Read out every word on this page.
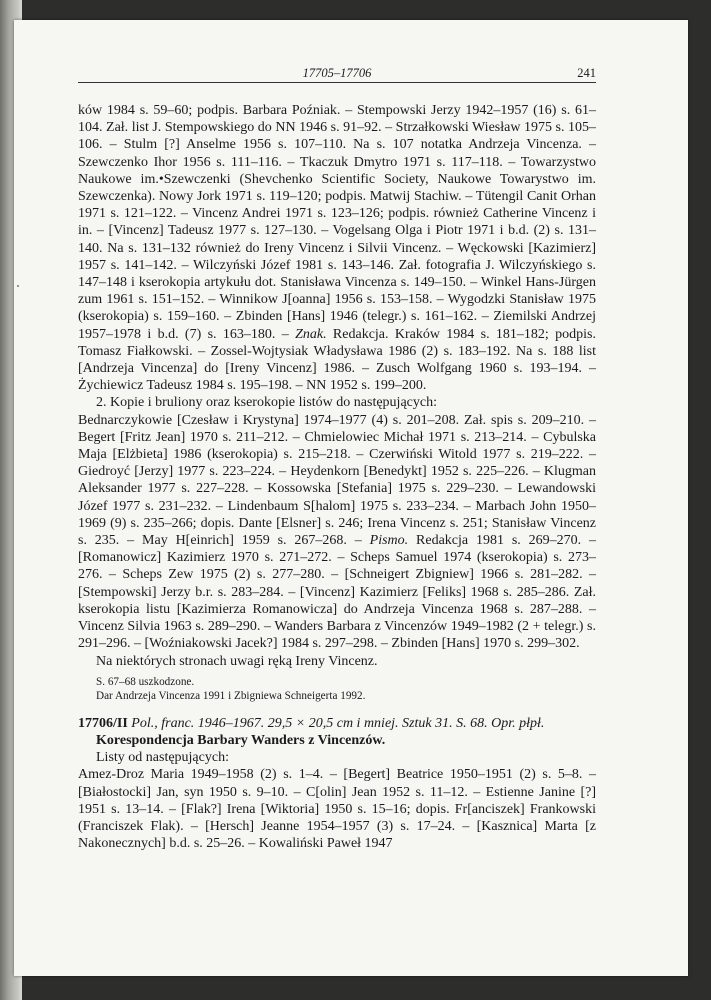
17705–17706	241

ków 1984 s. 59–60; podpis. Barbara Poźniak. – Stempowski Jerzy 1942–1957 (16) s. 61–104. Zał. list J. Stempowskiego do NN 1946 s. 91–92. – Strzałkowski Wiesław 1975 s. 105–106. – Stulm [?] Anselme 1956 s. 107–110. Na s. 107 notatka Andrzeja Vincenza. – Szewczenko Ihor 1956 s. 111–116. – Tkaczuk Dmytro 1971 s. 117–118. – Towarzystwo Naukowe im.•Szewczenki (Shevchenko Scientific Society, Naukowe Towarystwo im. Szewczenka). Nowy Jork 1971 s. 119–120; podpis. Matwij Stachiw. – Tütengil Canit Orhan 1971 s. 121–122. – Vincenz Andrei 1971 s. 123–126; podpis. również Catherine Vincenz i in. – [Vincenz] Tadeusz 1977 s. 127–130. – Vogelsang Olga i Piotr 1971 i b.d. (2) s. 131–140. Na s. 131–132 również do Ireny Vincenz i Silvii Vincenz. – Węckowski [Kazimierz] 1957 s. 141–142. – Wilczyński Józef 1981 s. 143–146. Zał. fotografia J. Wilczyńskiego s. 147–148 i kserokopia artykułu dot. Stanisława Vincenza s. 149–150. – Winkel Hans-Jürgen zum 1961 s. 151–152. – Winnikow J[oanna] 1956 s. 153–158. – Wygodzki Stanisław 1975 (kserokopia) s. 159–160. – Zbinden [Hans] 1946 (telegr.) s. 161–162. – Ziemilski Andrzej 1957–1978 i b.d. (7) s. 163–180. – Znak. Redakcja. Kraków 1984 s. 181–182; podpis. Tomasz Fiałkowski. – Zossel-Wojtysiak Władysława 1986 (2) s. 183–192. Na s. 188 list [Andrzeja Vincenza] do [Ireny Vincenz] 1986. – Zusch Wolfgang 1960 s. 193–194. – Żychiewicz Tadeusz 1984 s. 195–198. – NN 1952 s. 199–200.

2. Kopie i bruliony oraz kserokopie listów do następujących:

Bednarczykowie [Czesław i Krystyna] 1974–1977 (4) s. 201–208. Zał. spis s. 209–210. – Begert [Fritz Jean] 1970 s. 211–212. – Chmielowiec Michał 1971 s. 213–214. – Cybulska Maja [Elżbieta] 1986 (kserokopia) s. 215–218. – Czerwiński Witold 1977 s. 219–222. – Giedroyć [Jerzy] 1977 s. 223–224. – Heydenkorn [Benedykt] 1952 s. 225–226. – Klugman Aleksander 1977 s. 227–228. – Kossowska [Stefania] 1975 s. 229–230. – Lewandowski Józef 1977 s. 231–232. – Lindenbaum S[halom] 1975 s. 233–234. – Marbach John 1950–1969 (9) s. 235–266; dopis. Dante [Elsner] s. 246; Irena Vincenz s. 251; Stanisław Vincenz s. 235. – May H[einrich] 1959 s. 267–268. – Pismo. Redakcja 1981 s. 269–270. – [Romanowicz] Kazimierz 1970 s. 271–272. – Scheps Samuel 1974 (kserokopia) s. 273–276. – Scheps Zew 1975 (2) s. 277–280. – [Schneigert Zbigniew] 1966 s. 281–282. – [Stempowski] Jerzy b.r. s. 283–284. – [Vincenz] Kazimierz [Feliks] 1968 s. 285–286. Zał. kserokopia listu [Kazimierza Romanowicza] do Andrzeja Vincenza 1968 s. 287–288. – Vincenz Silvia 1963 s. 289–290. – Wanders Barbara z Vincenzów 1949–1982 (2 + telegr.) s. 291–296. – [Woźniakowski Jacek?] 1984 s. 297–298. – Zbinden [Hans] 1970 s. 299–302.

Na niektórych stronach uwagi ręką Ireny Vincenz.

S. 67–68 uszkodzone.

Dar Andrzeja Vincenza 1991 i Zbigniewa Schneigerta 1992.

17706/II Pol., franc. 1946–1967. 29,5 × 20,5 cm i mniej. Sztuk 31. S. 68. Opr. płpł.

Korespondencja Barbary Wanders z Vincenzów.

Listy od następujących:

Amez-Droz Maria 1949–1958 (2) s. 1–4. – [Begert] Beatrice 1950–1951 (2) s. 5–8. – [Białostocki] Jan, syn 1950 s. 9–10. – C[olin] Jean 1952 s. 11–12. – Estienne Janine [?] 1951 s. 13–14. – [Flak?] Irena [Wiktoria] 1950 s. 15–16; dopis. Fr[anciszek] Frankowski (Franciszek Flak). – [Hersch] Jeanne 1954–1957 (3) s. 17–24. – [Kasznica] Marta [z Nakonecznych] b.d. s. 25–26. – Kowaliński Paweł 1947
